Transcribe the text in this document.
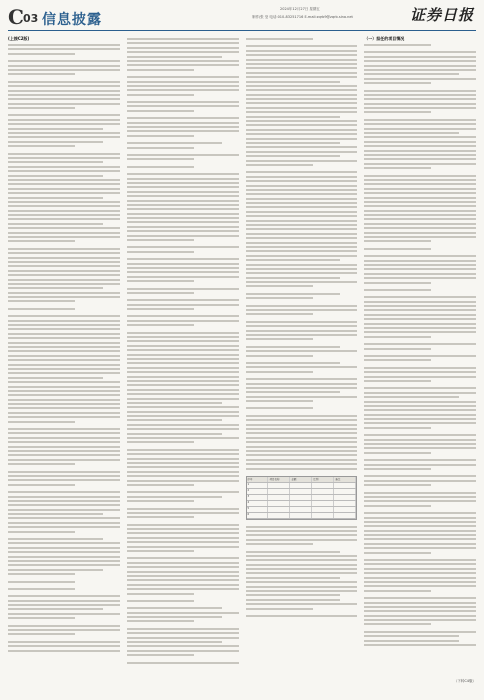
C 03 信息披露
2024年12月27日 星期五
制作/张 莹 电话:010-83251716 E-mail:zqrb9@zqrb.sina.net	证券日报
(上接C2版)
序号	项目名称	金额	比例	备注
1
2
3
4
5
6
（一）担任的项目情况
（下转C4版）
